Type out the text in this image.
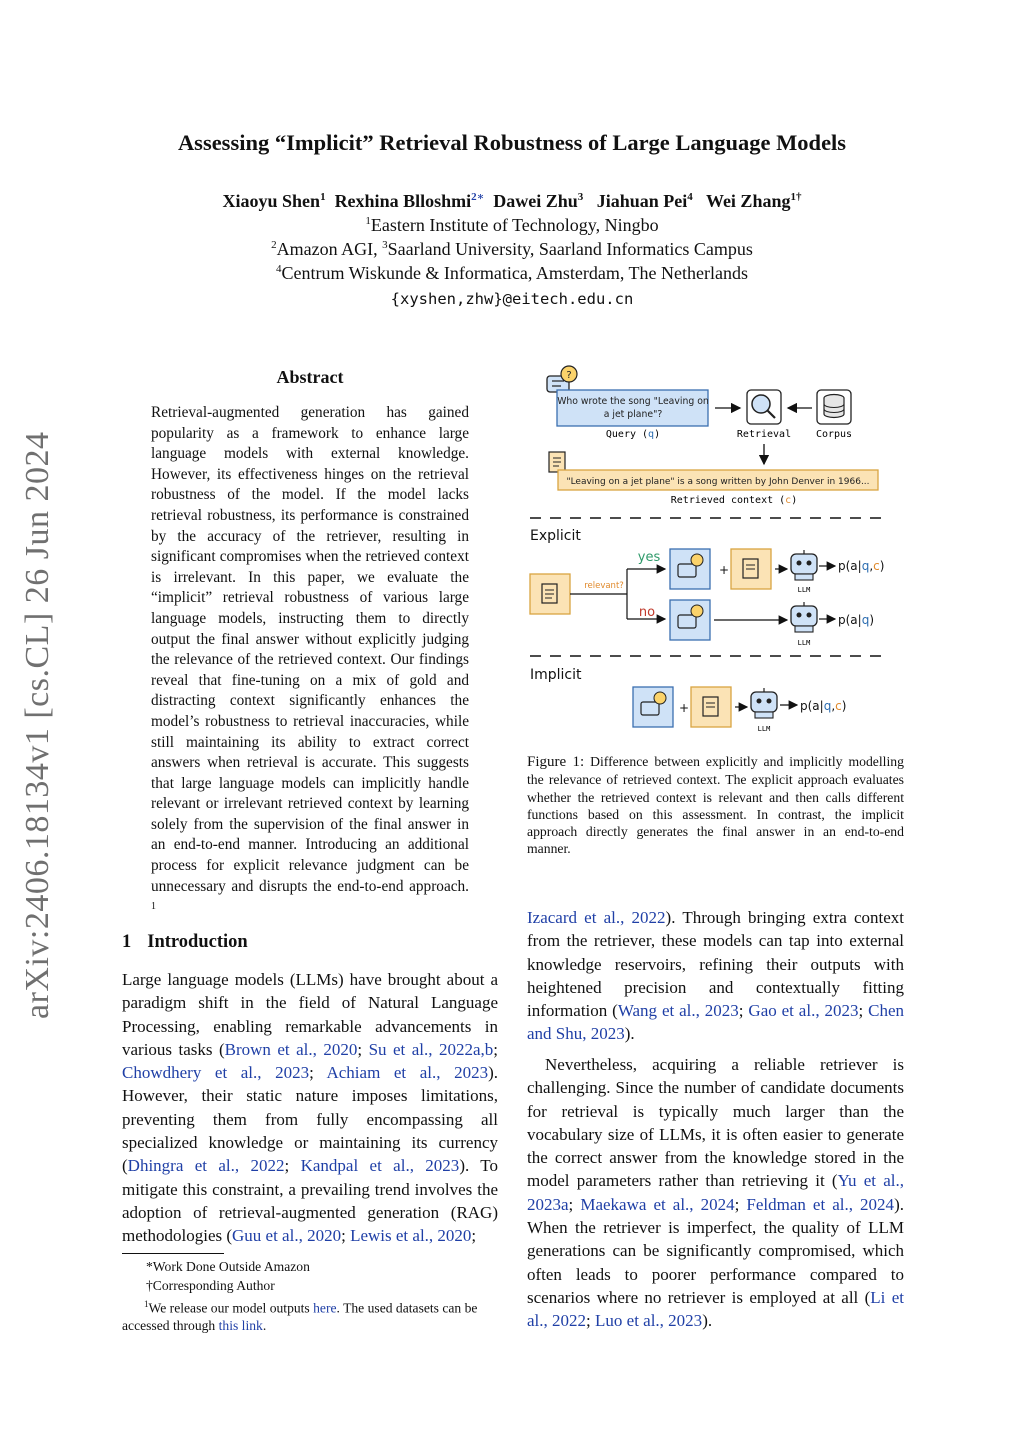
arXiv:2406.18134v1 [cs.CL] 26 Jun 2024
Assessing “Implicit” Retrieval Robustness of Large Language Models
Xiaoyu Shen$^1$ Rexhina Blloshmi$^{2∗}$ Dawei Zhu$^3$ Jiahuan Pei$^4$ Wei Zhang$^{1\dagger}$
$^1$Eastern Institute of Technology, Ningbo
$^2$Amazon AGI, $^3$Saarland University, Saarland Informatics Campus
$^4$Centrum Wiskunde & Informatica, Amsterdam, The Netherlands
{xyshen,zhw}@eitech.edu.cn
Abstract
Retrieval-augmented generation has gained popularity as a framework to enhance large language models with external knowledge. However, its effectiveness hinges on the retrieval robustness of the model. If the model lacks retrieval robustness, its performance is constrained by the accuracy of the retriever, resulting in significant compromises when the retrieved context is irrelevant. In this paper, we evaluate the “implicit” retrieval robustness of various large language models, instructing them to directly output the final answer without explicitly judging the relevance of the retrieved context. Our findings reveal that fine-tuning on a mix of gold and distracting context significantly enhances the model’s robustness to retrieval inaccuracies, while still maintaining its ability to extract correct answers when retrieval is accurate. This suggests that large language models can implicitly handle relevant or irrelevant retrieved context by learning solely from the supervision of the final answer in an end-to-end manner. Introducing an additional process for explicit relevance judgment can be unnecessary and disrupts the end-to-end approach. $^1$
1 Introduction
Large language models (LLMs) have brought about a paradigm shift in the field of Natural Language Processing, enabling remarkable advancements in various tasks (Brown et al., 2020; Su et al., 2022a,b; Chowdhery et al., 2023; Achiam et al., 2023). However, their static nature imposes limitations, preventing them from fully encompassing all specialized knowledge or maintaining its currency (Dhingra et al., 2022; Kandpal et al., 2023). To mitigate this constraint, a prevailing trend involves the adoption of retrieval-augmented generation (RAG) methodologies (Guu et al., 2020; Lewis et al., 2020;
*Work Done Outside Amazon
†Corresponding Author
$^1$We release our model outputs here. The used datasets can be accessed through this link.
?
Who wrote the song "Leaving on
a jet plane"?
Query (q)	Retrieval Corpus
"Leaving on a jet plane" is a song written by John Denver in 1966...
Retrieved context (c)
Explicit
relevant?
yes
no
+
LLM
p(a|q,c)
LLM
p(a|q)
Implicit
+
LLM
p(a|q,c)
Figure 1: Difference between explicitly and implicitly modelling the relevance of retrieved context. The explicit approach evaluates whether the retrieved context is relevant and then calls different functions based on this assessment. In contrast, the implicit approach directly generates the final answer in an end-to-end manner.
Izacard et al., 2022). Through bringing extra context from the retriever, these models can tap into external knowledge reservoirs, refining their outputs with heightened precision and contextually fitting information (Wang et al., 2023; Gao et al., 2023; Chen and Shu, 2023).
Nevertheless, acquiring a reliable retriever is challenging. Since the number of candidate documents for retrieval is typically much larger than the vocabulary size of LLMs, it is often easier to generate the correct answer from the knowledge stored in the model parameters rather than retrieving it (Yu et al., 2023a; Maekawa et al., 2024; Feldman et al., 2024). When the retriever is imperfect, the quality of LLM generations can be significantly compromised, which often leads to poorer performance compared to scenarios where no retriever is employed at all (Li et al., 2022; Luo et al., 2023).
